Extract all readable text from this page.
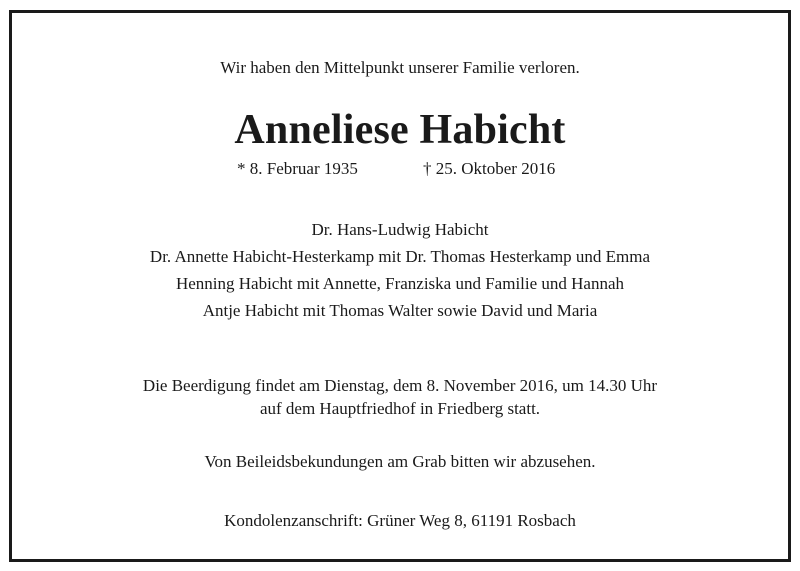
Wir haben den Mittelpunkt unserer Familie verloren.
Anneliese Habicht
* 8. Februar 1935	† 25. Oktober 2016
Dr. Hans-Ludwig Habicht
Dr. Annette Habicht-Hesterkamp mit Dr. Thomas Hesterkamp und Emma
Henning Habicht mit Annette, Franziska und Familie und Hannah
Antje Habicht mit Thomas Walter sowie David und Maria
Die Beerdigung findet am Dienstag, dem 8. November 2016, um 14.30 Uhr
auf dem Hauptfriedhof in Friedberg statt.
Von Beileidsbekundungen am Grab bitten wir abzusehen.
Kondolenzanschrift: Grüner Weg 8, 61191 Rosbach
